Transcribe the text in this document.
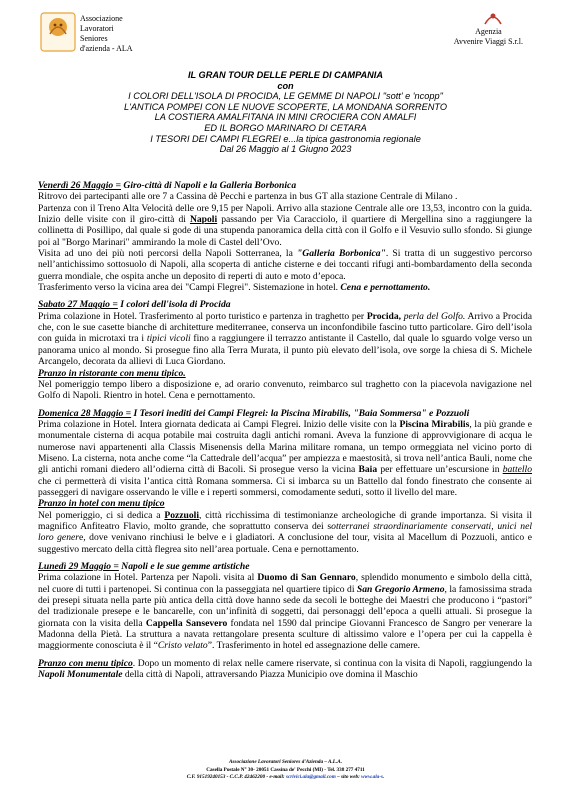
Associazione
Lavoratori
Seniores
d'azienda - ALA
Agenzia
Avvenire Viaggi S.r.l.
IL GRAN TOUR DELLE PERLE DI CAMPANIA
con
I COLORI DELL'ISOLA DI PROCIDA, LE GEMME DI NAPOLI "sott' e 'ncopp"
L'ANTICA POMPEI CON LE NUOVE SCOPERTE, LA MONDANA SORRENTO
LA COSTIERA AMALFITANA IN MINI CROCIERA CON AMALFI
ED IL BORGO MARINARO DI CETARA
I TESORI DEI CAMPI FLEGREI e...la tipica gastronomia regionale
Dal 26 Maggio al 1 Giugno 2023

Venerdì 26 Maggio = Giro-città di Napoli e la Galleria Borbonica

Ritrovo dei partecipanti alle ore 7 a Cassina dè Pecchi e partenza in bus GT alla stazione Centrale di Milano .

Partenza con il Treno Alta Velocità delle ore 9,15 per Napoli. Arrivo alla stazione Centrale alle ore 13,53, incontro con la guida. Inizio delle visite con il giro-città di Napoli passando per Via Caracciolo, il quartiere di Mergellina sino a raggiungere la collinetta di Posillipo, dal quale si gode di una stupenda panoramica della città con il Golfo e il Vesuvio sullo sfondo. Si giunge poi al "Borgo Marinari" ammirando la mole di Castel dell’Ovo.

Visita ad uno dei più noti percorsi della Napoli Sotterranea, la "Galleria Borbonica". Si tratta di un suggestivo percorso nell’antichissimo sottosuolo di Napoli, alla scoperta di antiche cisterne e dei toccanti rifugi anti-bombardamento della seconda guerra mondiale, che ospita anche un deposito di reperti di auto e moto d’epoca.

Trasferimento verso la vicina area dei "Campi Flegrei". Sistemazione in hotel. Cena e pernottamento.

Sabato 27 Maggio = I colori dell'isola di Procida

Prima colazione in Hotel. Trasferimento al porto turistico e partenza in traghetto per Procida, perla del Golfo. Arrivo a Procida che, con le sue casette bianche di architetture mediterranee, conserva un inconfondibile fascino tutto particolare. Giro dell’isola con guida in microtaxi tra i tipici vicoli fino a raggiungere il terrazzo antistante il Castello, dal quale lo sguardo volge verso un panorama unico al mondo. Si prosegue fino alla Terra Murata, il punto più elevato dell’isola, ove sorge la chiesa di S. Michele Arcangelo, decorata da allievi di Luca Giordano.

Pranzo in ristorante con menu tipico.

Nel pomeriggio tempo libero a disposizione e, ad orario convenuto, reimbarco sul traghetto con la piacevola navigazione nel Golfo di Napoli. Rientro in hotel. Cena e pernottamento.

Domenica 28 Maggio = I Tesori inediti dei Campi Flegrei: la Piscina Mirabilis, "Baia Sommersa" e Pozzuoli

Prima colazione in Hotel. Intera giornata dedicata ai Campi Flegrei. Inizio delle visite con la Piscina Mirabilis, la più grande e monumentale cisterna di acqua potabile mai costruita dagli antichi romani. Aveva la funzione di approvvigionare di acqua le numerose navi appartenenti alla Classis Misenensis della Marina militare romana, un tempo ormeggiata nel vicino porto di Miseno. La cisterna, nota anche come “la Cattedrale dell’acqua” per ampiezza e maestosità, si trova nell’antica Bauli, nome che gli antichi romani diedero all’odierna città di Bacoli. Si prosegue verso la vicina Baia per effettuare un’escursione in battello che ci permetterà di visita l’antica città Romana sommersa. Ci si imbarca su un Battello dal fondo finestrato che consente ai passeggeri di navigare osservando le ville e i reperti sommersi, comodamente seduti, sotto il livello del mare.

Pranzo in hotel con menu tipico

Nel pomeriggio, ci si dedica a Pozzuoli, città ricchissima di testimonianze archeologiche di grande importanza. Si visita il magnifico Anfiteatro Flavio, molto grande, che soprattutto conserva dei sotterranei straordinariamente conservati, unici nel loro genere, dove venivano rinchiusi le belve e i gladiatori. A conclusione del tour, visita al Macellum di Pozzuoli, antico e suggestivo mercato della città flegrea sito nell’area portuale. Cena e pernottamento.

Lunedì 29 Maggio = Napoli e le sue gemme artistiche

Prima colazione in Hotel. Partenza per Napoli. visita al Duomo di San Gennaro, splendido monumento e simbolo della città, nel cuore di tutti i partenopei. Si continua con la passeggiata nel quartiere tipico di San Gregorio Armeno, la famosissima strada dei presepi situata nella parte più antica della città dove hanno sede da secoli le botteghe dei Maestri che producono i “pastori” del tradizionale presepe e le bancarelle, con un’infinità di soggetti, dai personaggi dell’epoca a quelli attuali. Si prosegue la giornata con la visita della Cappella Sansevero fondata nel 1590 dal principe Giovanni Francesco de Sangro per venerare la Madonna della Pietà. La struttura a navata rettangolare presenta sculture di altissimo valore e l’opera per cui la cappella è maggiormente conosciuta è il “Cristo velato”. Trasferimento in hotel ed assegnazione delle camere.

Pranzo con menu tipico. Dopo un momento di relax nelle camere riservate, si continua con la visita di Napoli, raggiungendo la Napoli Monumentale della città di Napoli, attraversando Piazza Municipio ove domina il Maschio

Associazione Lavoratori Seniores d'Azienda – A.L.A.
Casella Postale N° 30- 20051 Cassina de' Pecchi (MI) - Tel. 338 277 4711
C.F. 91519240153 - C.C.P. 42462200 - e-mail: scrivici.ala@gmail.com – sito web: www.ala-s.
